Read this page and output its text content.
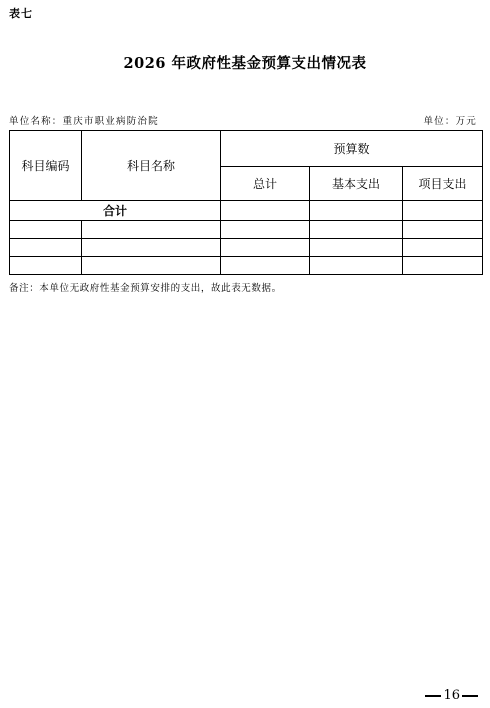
表七
2026 年政府性基金预算支出情况表
单位名称：重庆市职业病防治院	单位：万元
科目编码	科目名称	预算数		
		总计	基本支出	项目支出
合计				

备注：本单位无政府性基金预算安排的支出，故此表无数据。
16
